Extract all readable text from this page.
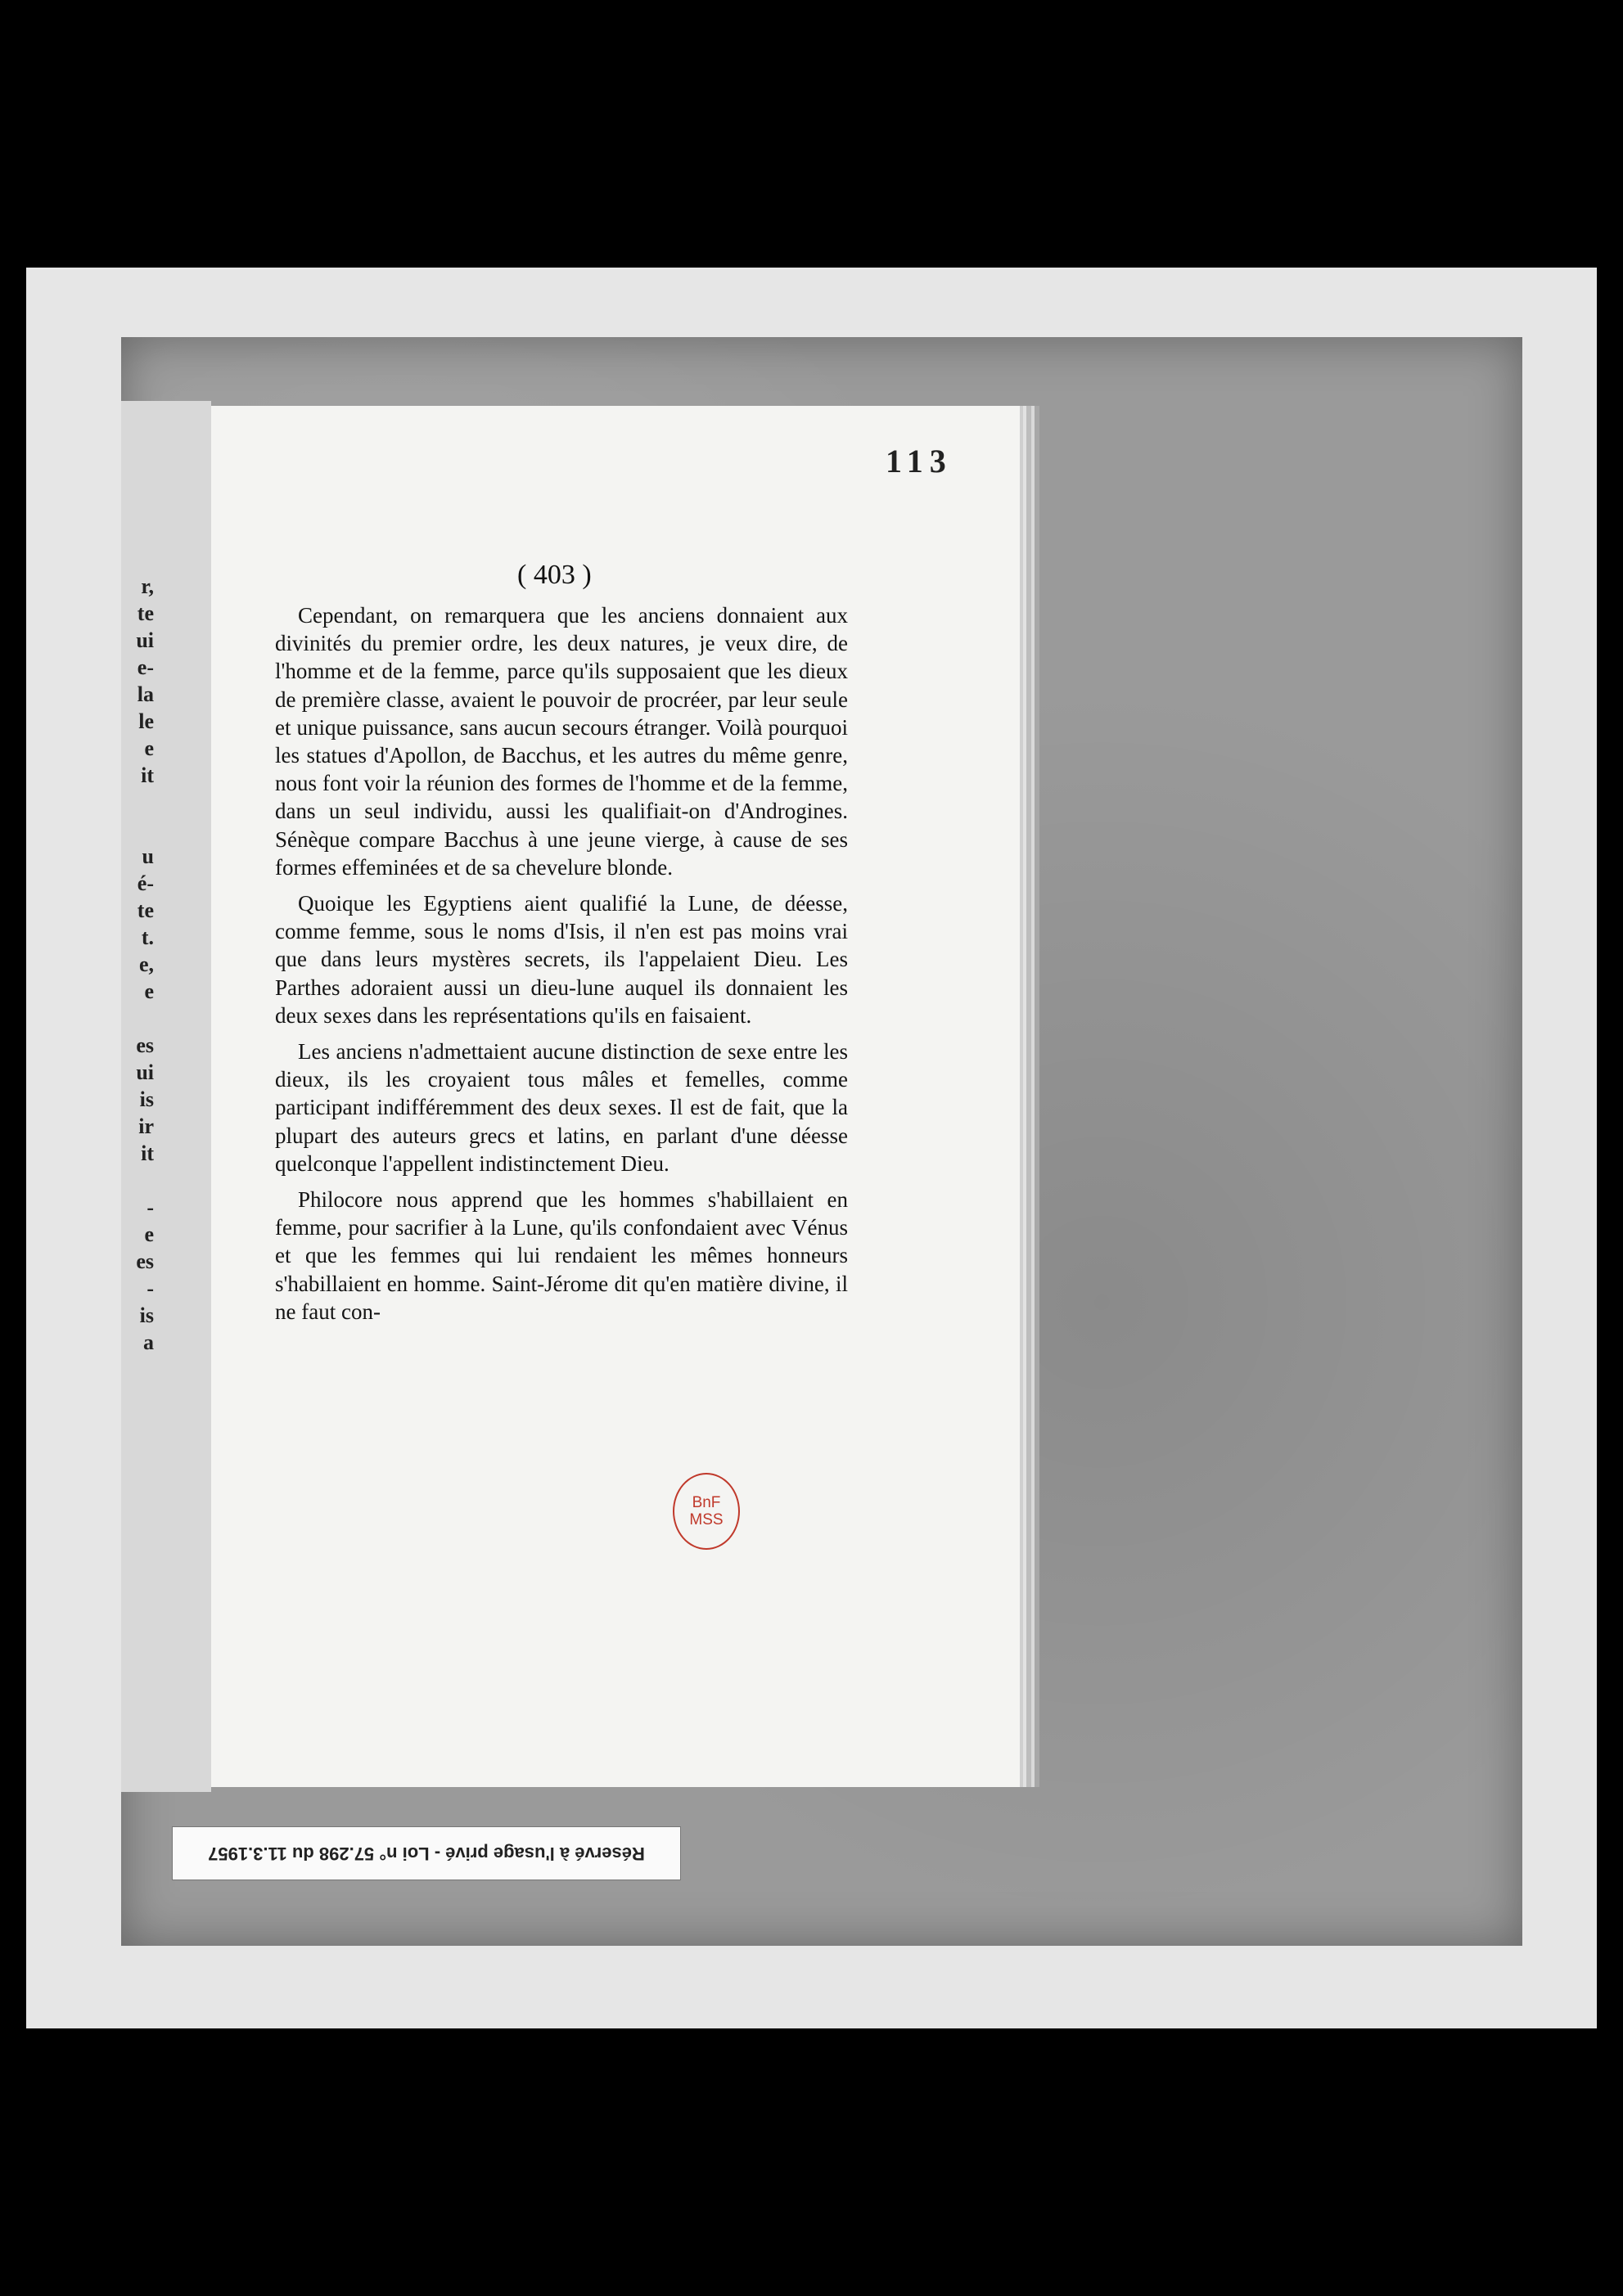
r,
te
ui
e-
la
le
e
it

u
é-
te
t.
e,
e

es
ui
is
ir
it

-
e
es
-
is
a
113
( 403 )

Cependant, on remarquera que les anciens donnaient aux divinités du premier ordre, les deux natures, je veux dire, de l'homme et de la femme, parce qu'ils supposaient que les dieux de première classe, avaient le pouvoir de procréer, par leur seule et unique puissance, sans aucun secours étranger. Voilà pourquoi les statues d'Apollon, de Bacchus, et les autres du même genre, nous font voir la réunion des formes de l'homme et de la femme, dans un seul individu, aussi les qualifiait-on d'Androgines. Sénèque compare Bacchus à une jeune vierge, à cause de ses formes effeminées et de sa chevelure blonde.

Quoique les Egyptiens aient qualifié la Lune, de déesse, comme femme, sous le noms d'Isis, il n'en est pas moins vrai que dans leurs mystères secrets, ils l'appelaient Dieu. Les Parthes adoraient aussi un dieu-lune auquel ils donnaient les deux sexes dans les représentations qu'ils en faisaient.

Les anciens n'admettaient aucune distinction de sexe entre les dieux, ils les croyaient tous mâles et femelles, comme participant indifféremment des deux sexes. Il est de fait, que la plupart des auteurs grecs et latins, en parlant d'une déesse quelconque l'appellent indistinctement Dieu.

Philocore nous apprend que les hommes s'habillaient en femme, pour sacrifier à la Lune, qu'ils confondaient avec Vénus et que les femmes qui lui rendaient les mêmes honneurs s'habillaient en homme. Saint-Jérome dit qu'en matière divine, il ne faut con-

BnF
MSS
Réservé à l'usage privé - Loi n° 57.298 du 11.3.1957
